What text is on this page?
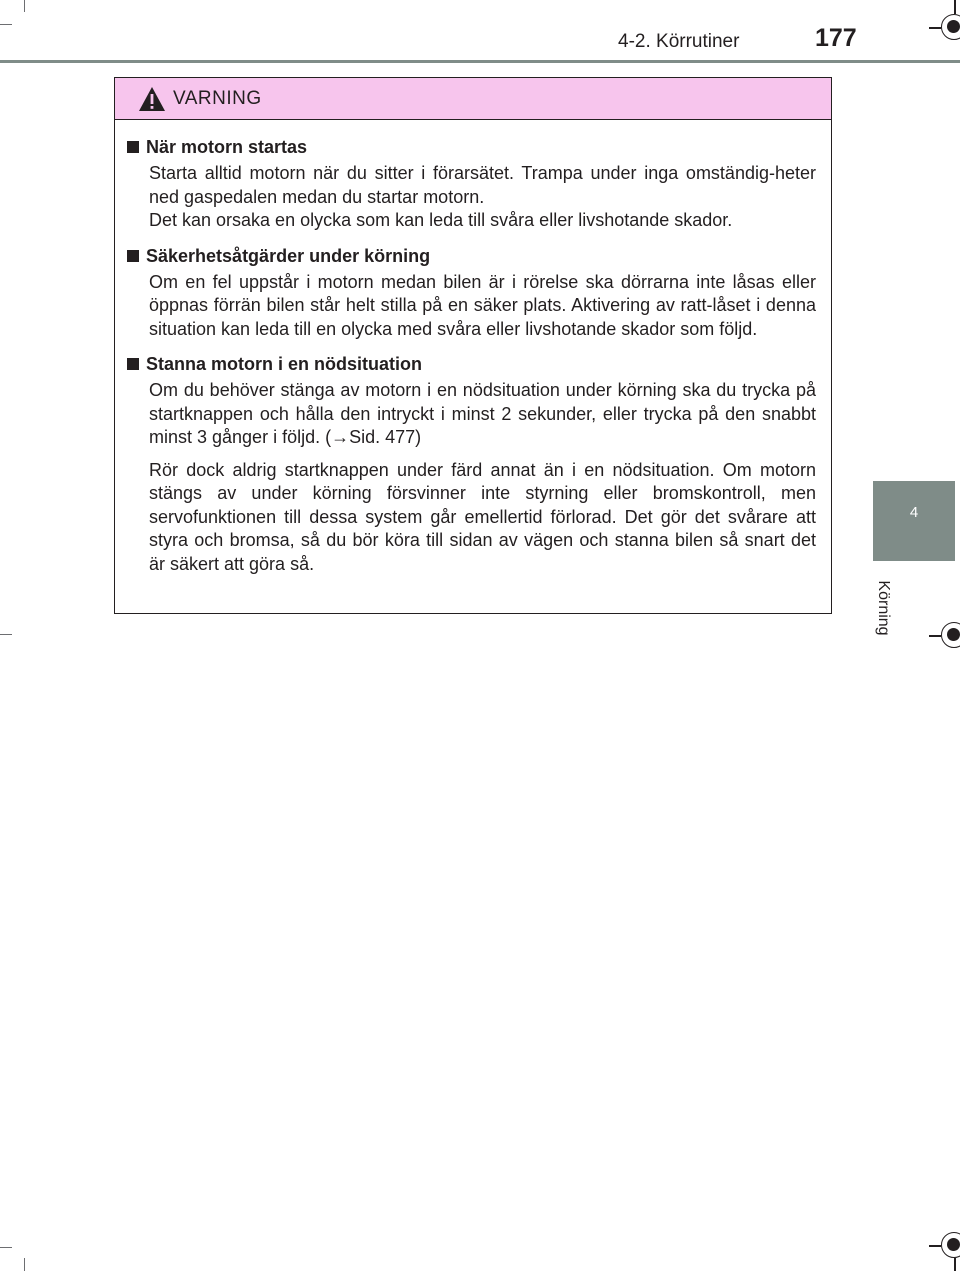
4-2. Körrutiner	177
4
Körning
VARNING
När motorn startas

Starta alltid motorn när du sitter i förarsätet. Trampa under inga omständig-heter ned gaspedalen medan du startar motorn.

Det kan orsaka en olycka som kan leda till svåra eller livshotande skador.

Säkerhetsåtgärder under körning

Om en fel uppstår i motorn medan bilen är i rörelse ska dörrarna inte låsas eller öppnas förrän bilen står helt stilla på en säker plats. Aktivering av ratt-låset i denna situation kan leda till en olycka med svåra eller livshotande skador som följd.

Stanna motorn i en nödsituation

Om du behöver stänga av motorn i en nödsituation under körning ska du trycka på startknappen och hålla den intryckt i minst 2 sekunder, eller trycka på den snabbt minst 3 gånger i följd. (→Sid. 477)

Rör dock aldrig startknappen under färd annat än i en nödsituation. Om motorn stängs av under körning försvinner inte styrning eller bromskontroll, men servofunktionen till dessa system går emellertid förlorad. Det gör det svårare att styra och bromsa, så du bör köra till sidan av vägen och stanna bilen så snart det är säkert att göra så.
